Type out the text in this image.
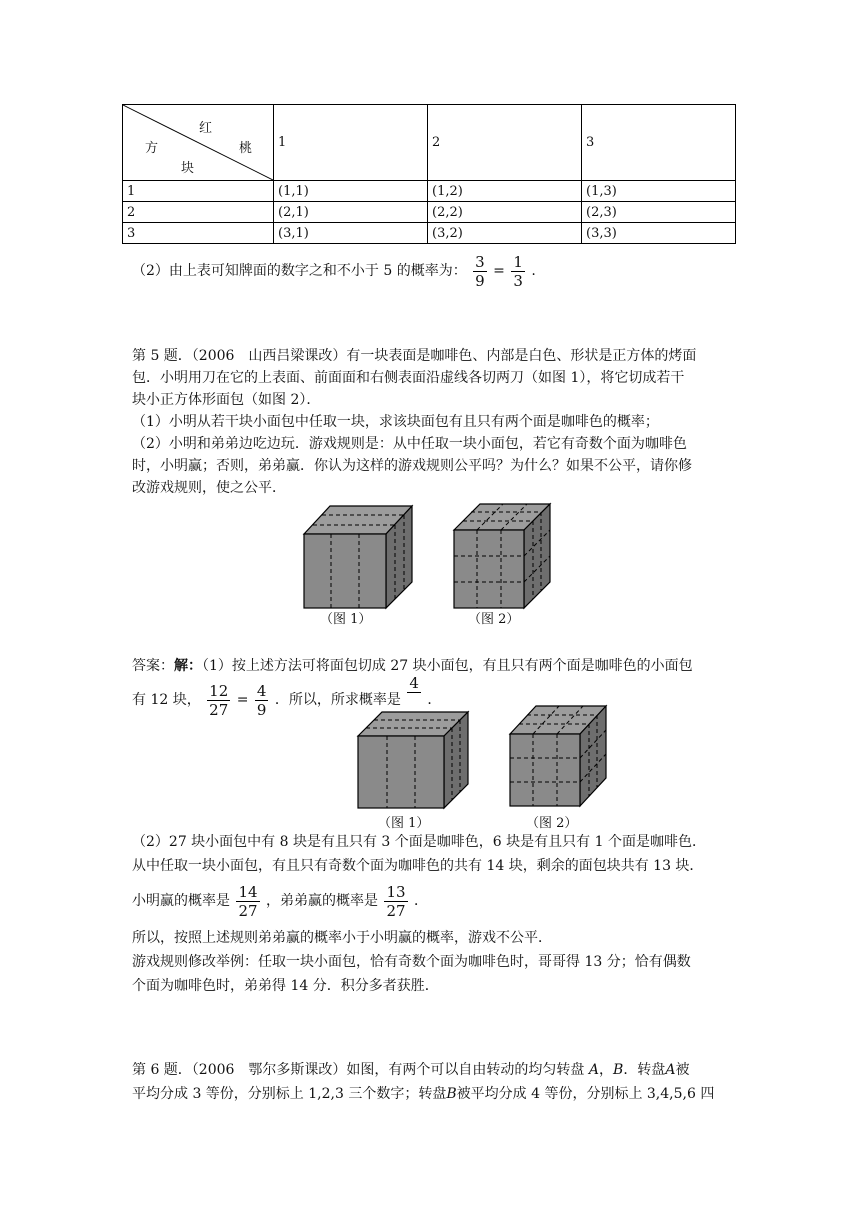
红
方 桃
块	1	2	3
1	(1,1)	(1,2)	(1,3)
2	(2,1)	(2,2)	(2,3)
3	(3,1)	(3,2)	(3,3)
（2）由上表可知牌面的数字之和不小于 5 的概率为： $\frac{3}{9} = \frac{1}{3}$ .
第 5 题．（2006　山西吕梁课改）有一块表面是咖啡色、内部是白色、形状是正方体的烤面
包．小明用刀在它的上表面、前面面和右侧表面沿虚线各切两刀（如图 1），将它切成若干
块小正方体形面包（如图 2）．
（1）小明从若干块小面包中任取一块，求该块面包有且只有两个面是咖啡色的概率；
（2）小明和弟弟边吃边玩．游戏规则是：从中任取一块小面包，若它有奇数个面为咖啡色
时，小明赢；否则，弟弟赢．你认为这样的游戏规则公平吗？为什么？如果不公平，请你修
改游戏规则，使之公平．
（图 1）	（图 2）
答案：解：（1）按上述方法可将面包切成 27 块小面包，有且只有两个面是咖啡色的小面包
有 12 块， $\frac{12}{27} = \frac{4}{9}$ ．所以，所求概率是
4
．
（图 1）	（图 2）
（2）27 块小面包中有 8 块是有且只有 3 个面是咖啡色，6 块是有且只有 1 个面是咖啡色．
从中任取一块小面包，有且只有奇数个面为咖啡色的共有 14 块，剩余的面包块共有 13 块．
小明赢的概率是 $\frac{14}{27}$ ，弟弟赢的概率是 $\frac{13}{27}$ ．
所以，按照上述规则弟弟赢的概率小于小明赢的概率，游戏不公平．
游戏规则修改举例：任取一块小面包，恰有奇数个面为咖啡色时，哥哥得 13 分；恰有偶数
个面为咖啡色时，弟弟得 14 分．积分多者获胜．
第 6 题．（2006　鄂尔多斯课改）如图，有两个可以自由转动的均匀转盘 A，B．转盘A被
平均分成 3 等份，分别标上 1,2,3 三个数字；转盘B被平均分成 4 等份，分别标上 3,4,5,6 四
